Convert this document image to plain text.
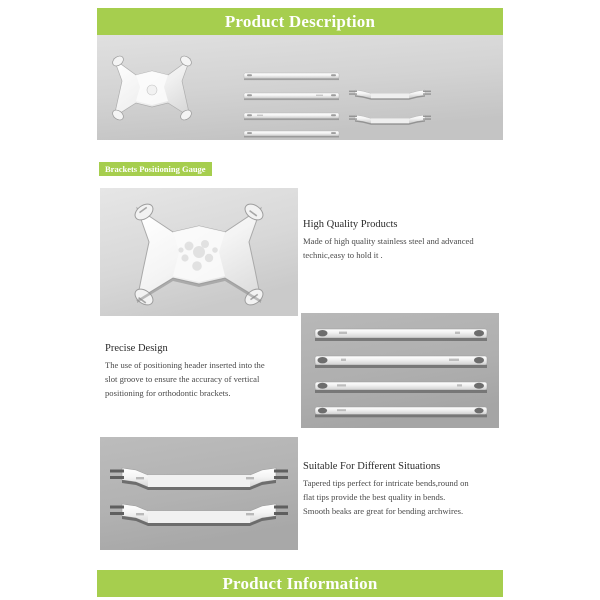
Product Description
Brackets Positioning Gauge

High Quality Products

Made of high quality stainless steel and advanced
technic,easy to hold it .

Precise Design

The use of positioning header inserted into the
slot groove to ensure the accuracy of vertical
positioning for orthodontic brackets.

Suitable For Different Situations

Tapered tips perfect for intricate bends,round on
flat tips provide the best quality in bends.
Smooth beaks are great for bending archwires.

Product Information
